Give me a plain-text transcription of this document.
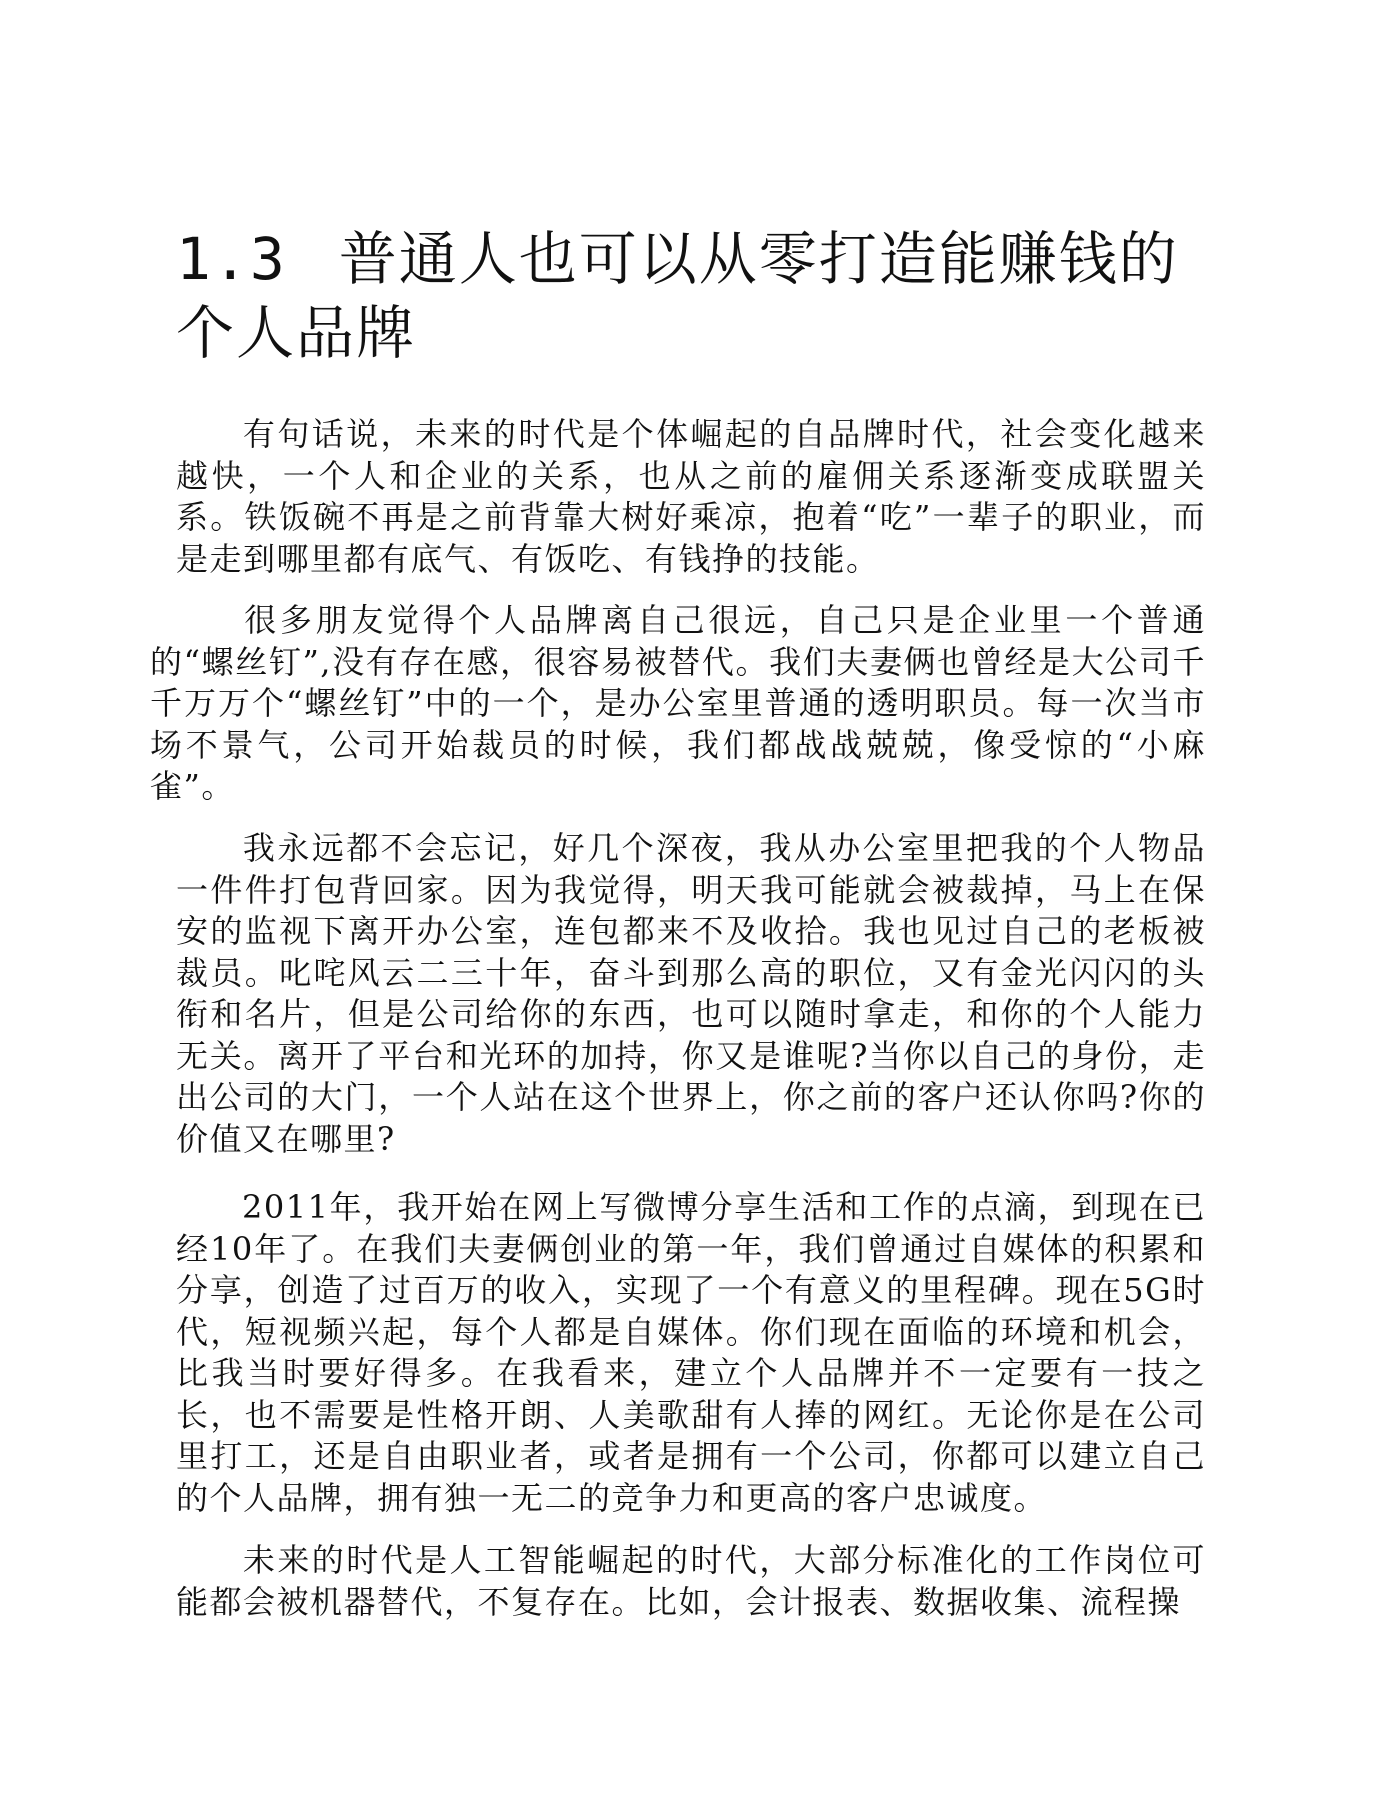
1.3 普通人也可以从零打造能赚钱的个人品牌

有句话说，未来的时代是个体崛起的自品牌时代，社会变化越来越快，一个人和企业的关系，也从之前的雇佣关系逐渐变成联盟关系。铁饭碗不再是之前背靠大树好乘凉，抱着“吃”一辈子的职业，而是走到哪里都有底气、有饭吃、有钱挣的技能。

很多朋友觉得个人品牌离自己很远，自己只是企业里一个普通的“螺丝钉”,没有存在感，很容易被替代。我们夫妻俩也曾经是大公司千千万万个“螺丝钉”中的一个，是办公室里普通的透明职员。每一次当市场不景气，公司开始裁员的时候，我们都战战兢兢，像受惊的“小麻雀”。

我永远都不会忘记，好几个深夜，我从办公室里把我的个人物品一件件打包背回家。因为我觉得，明天我可能就会被裁掉，马上在保安的监视下离开办公室，连包都来不及收拾。我也见过自己的老板被裁员。叱咤风云二三十年，奋斗到那么高的职位，又有金光闪闪的头衔和名片，但是公司给你的东西，也可以随时拿走，和你的个人能力无关。离开了平台和光环的加持，你又是谁呢?当你以自己的身份，走出公司的大门，一个人站在这个世界上，你之前的客户还认你吗?你的价值又在哪里?

2011年，我开始在网上写微博分享生活和工作的点滴，到现在已经10年了。在我们夫妻俩创业的第一年，我们曾通过自媒体的积累和分享，创造了过百万的收入，实现了一个有意义的里程碑。现在5G时代，短视频兴起，每个人都是自媒体。你们现在面临的环境和机会，比我当时要好得多。在我看来，建立个人品牌并不一定要有一技之长，也不需要是性格开朗、人美歌甜有人捧的网红。无论你是在公司里打工，还是自由职业者，或者是拥有一个公司，你都可以建立自己的个人品牌，拥有独一无二的竞争力和更高的客户忠诚度。

未来的时代是人工智能崛起的时代，大部分标准化的工作岗位可能都会被机器替代，不复存在。比如，会计报表、数据收集、流程操
